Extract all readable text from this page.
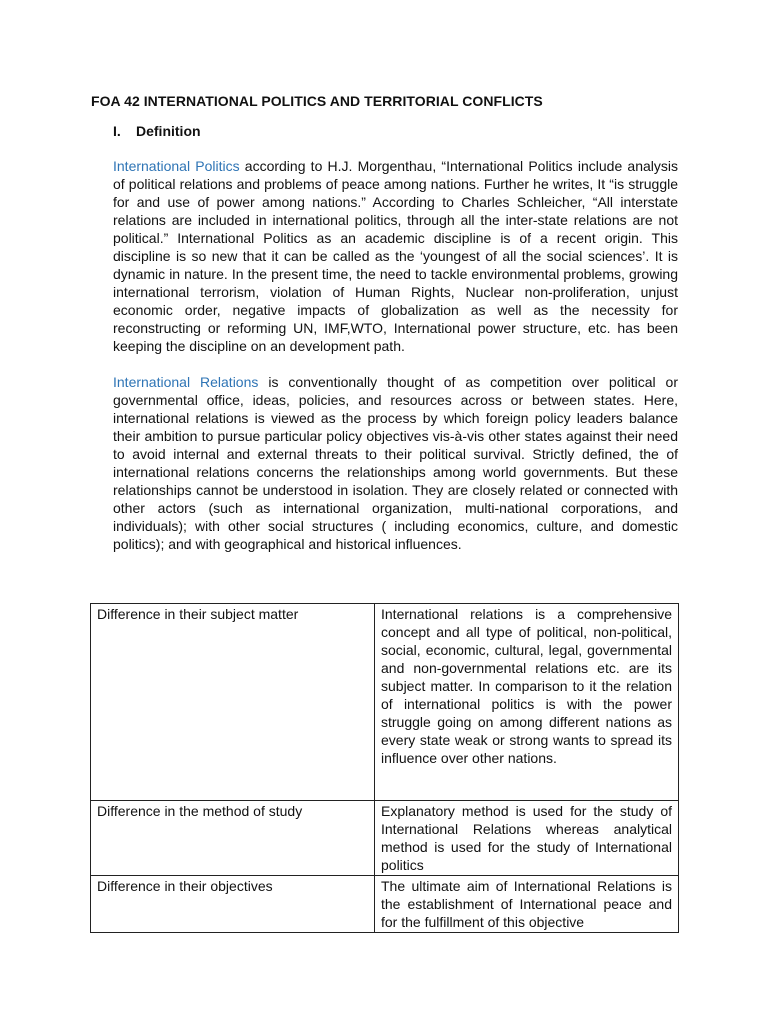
FOA 42 INTERNATIONAL POLITICS AND TERRITORIAL CONFLICTS
I. Definition

International Politics according to H.J. Morgenthau, “International Politics include analysis of political relations and problems of peace among nations. Further he writes, It “is struggle for and use of power among nations.” According to Charles Schleicher, “All interstate relations are included in international politics, through all the inter-state relations are not political.” International Politics as an academic discipline is of a recent origin. This discipline is so new that it can be called as the ‘youngest of all the social sciences’. It is dynamic in nature. In the present time, the need to tackle environmental problems, growing international terrorism, violation of Human Rights, Nuclear non-proliferation, unjust economic order, negative impacts of globalization as well as the necessity for reconstructing or reforming UN, IMF,WTO, International power structure, etc. has been keeping the discipline on an development path.

International Relations is conventionally thought of as competition over political or governmental office, ideas, policies, and resources across or between states. Here, international relations is viewed as the process by which foreign policy leaders balance their ambition to pursue particular policy objectives vis-à-vis other states against their need to avoid internal and external threats to their political survival. Strictly defined, the of international relations concerns the relationships among world governments. But these relationships cannot be understood in isolation. They are closely related or connected with other actors (such as international organization, multi-national corporations, and individuals); with other social structures ( including economics, culture, and domestic politics); and with geographical and historical influences.

Difference in their subject matter	International relations is a comprehensive concept and all type of political, non-political, social, economic, cultural, legal, governmental and non-governmental relations etc. are its subject matter. In comparison to it the relation of international politics is with the power struggle going on among different nations as every state weak or strong wants to spread its influence over other nations.
Difference in the method of study	Explanatory method is used for the study of International Relations whereas analytical method is used for the study of International politics
Difference in their objectives	The ultimate aim of International Relations is the establishment of International peace and for the fulfillment of this objective
